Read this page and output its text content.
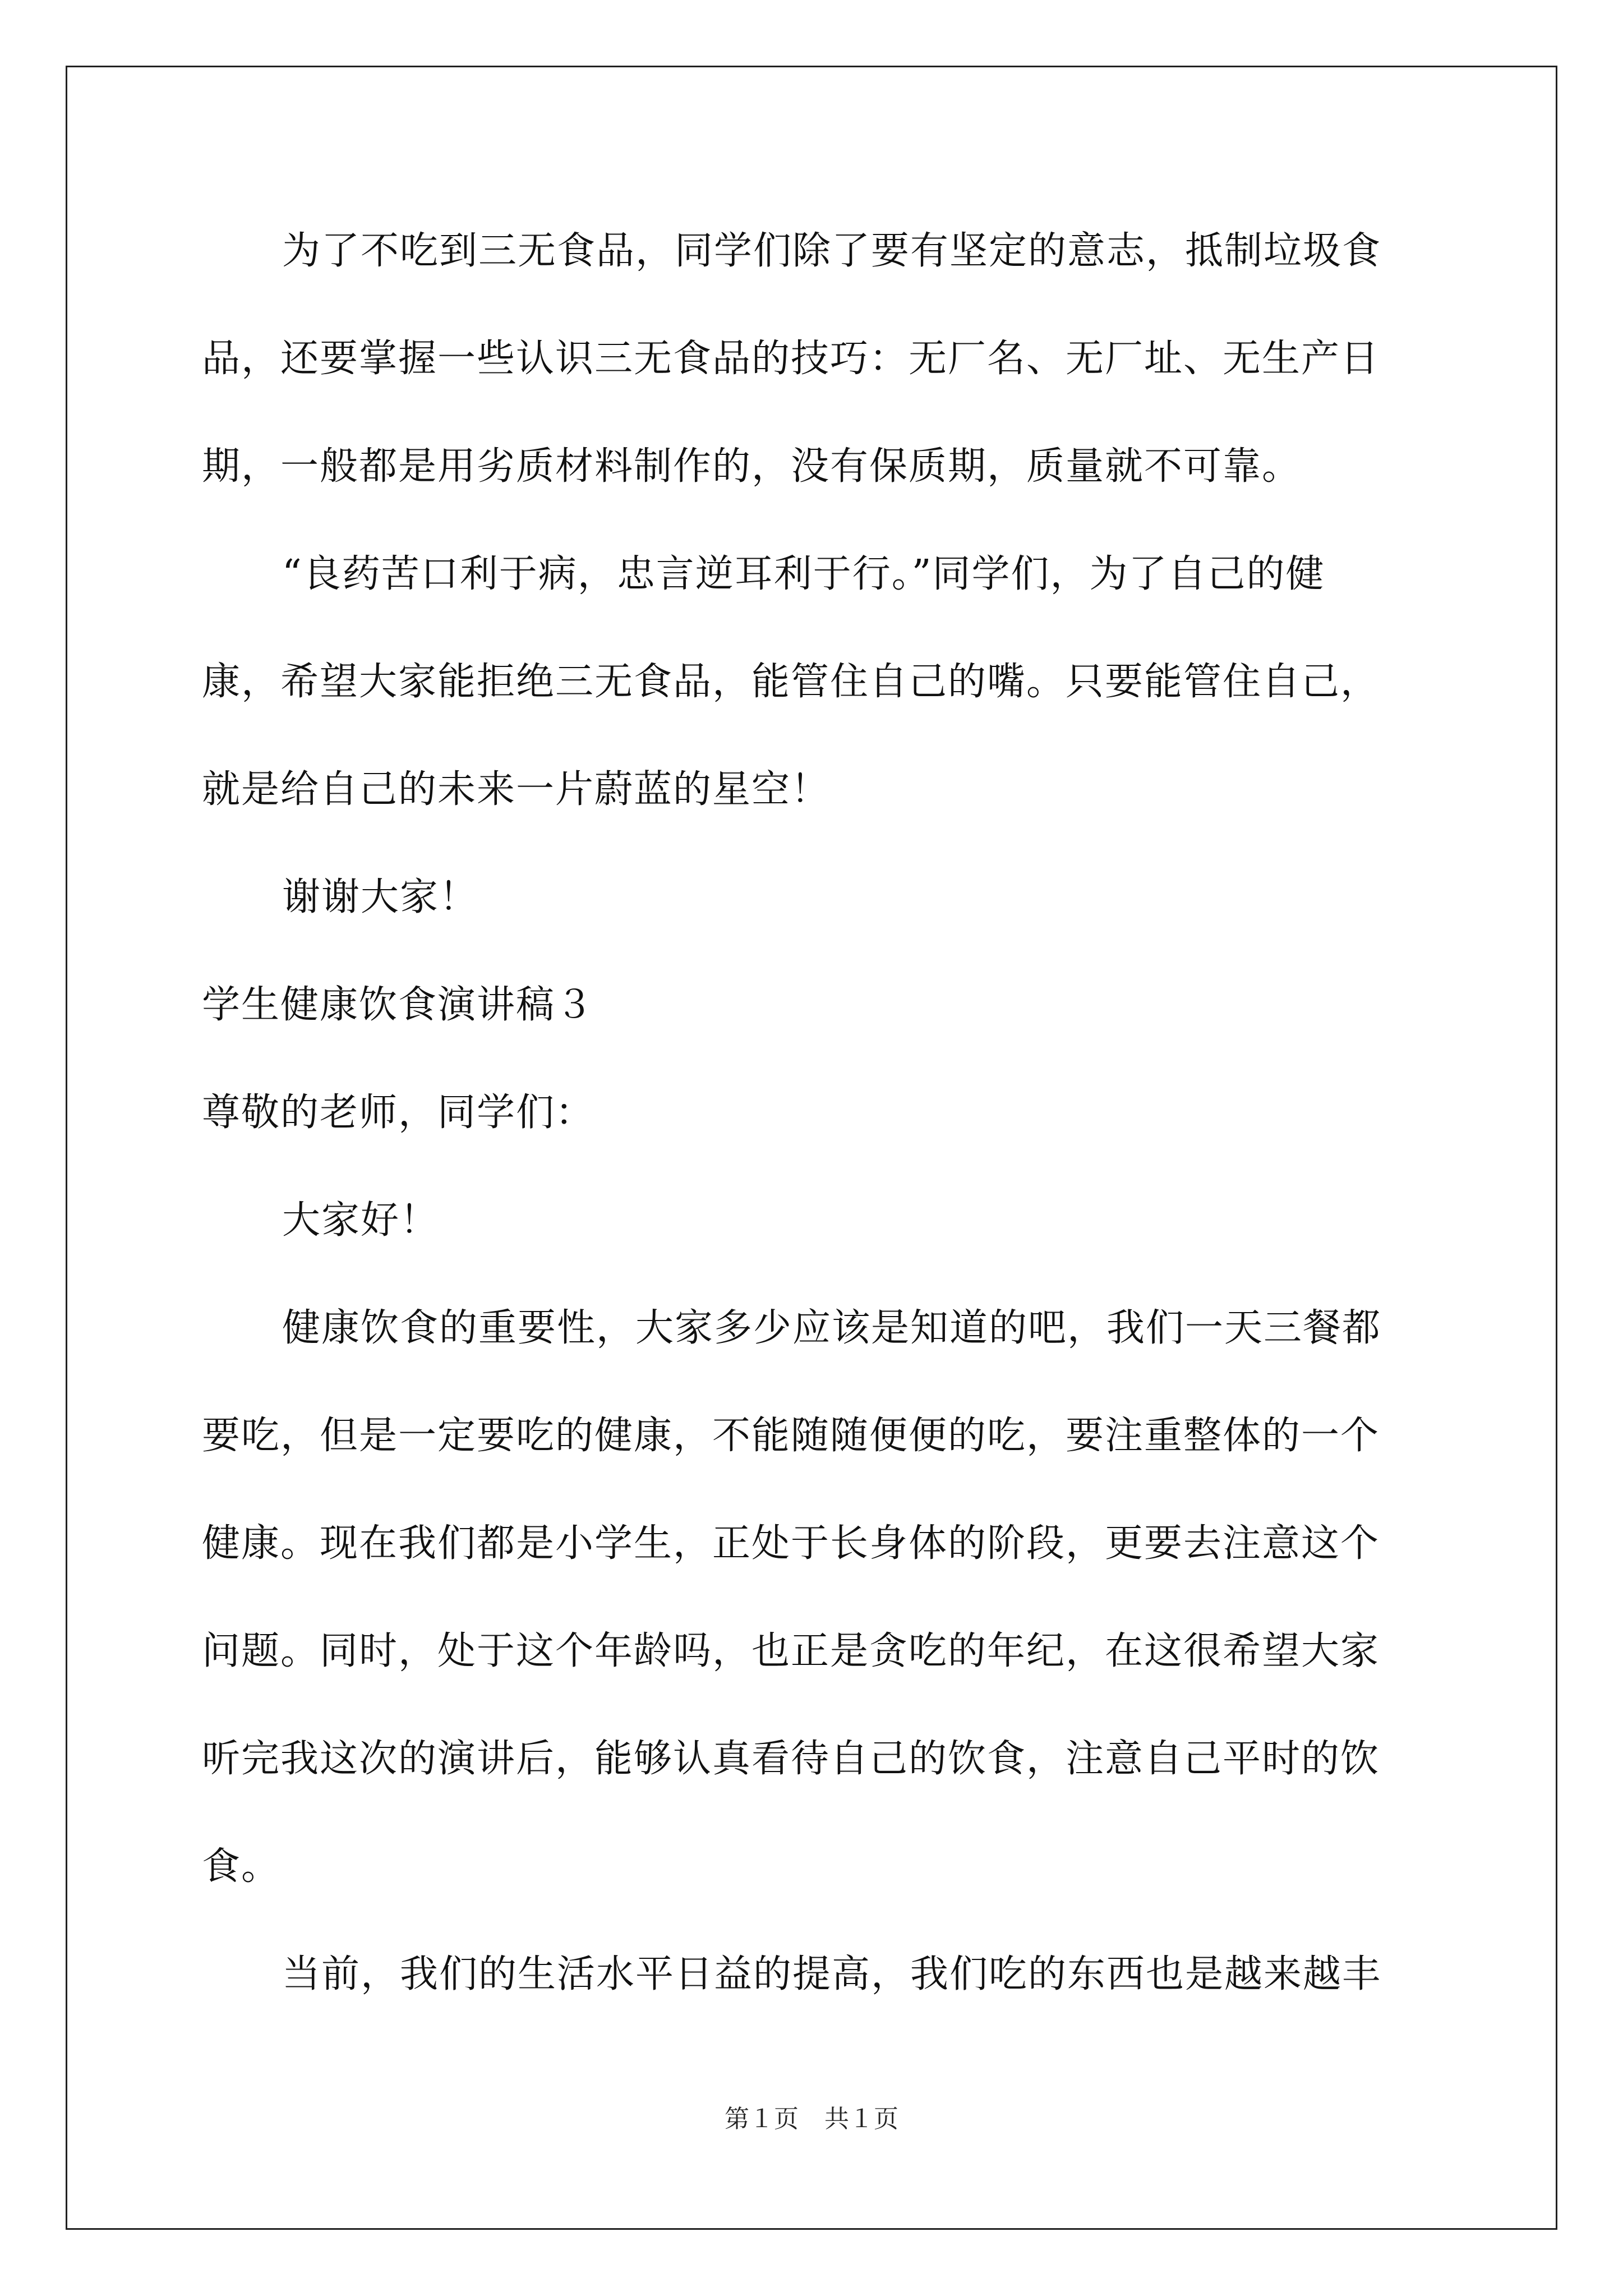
为了不吃到三无食品，同学们除了要有坚定的意志，抵制垃圾食
品，还要掌握一些认识三无食品的技巧：无厂名、无厂址、无生产日
期，一般都是用劣质材料制作的，没有保质期，质量就不可靠。
“良药苦口利于病，忠言逆耳利于行。”同学们，为了自己的健
康，希望大家能拒绝三无食品，能管住自己的嘴。只要能管住自己，
就是给自己的未来一片蔚蓝的星空！
谢谢大家！
学生健康饮食演讲稿３
尊敬的老师，同学们：
大家好！
健康饮食的重要性，大家多少应该是知道的吧，我们一天三餐都
要吃，但是一定要吃的健康，不能随随便便的吃，要注重整体的一个
健康。现在我们都是小学生，正处于长身体的阶段，更要去注意这个
问题。同时，处于这个年龄吗，也正是贪吃的年纪，在这很希望大家
听完我这次的演讲后，能够认真看待自己的饮食，注意自己平时的饮
食。
当前，我们的生活水平日益的提高，我们吃的东西也是越来越丰
第１页 共１页
